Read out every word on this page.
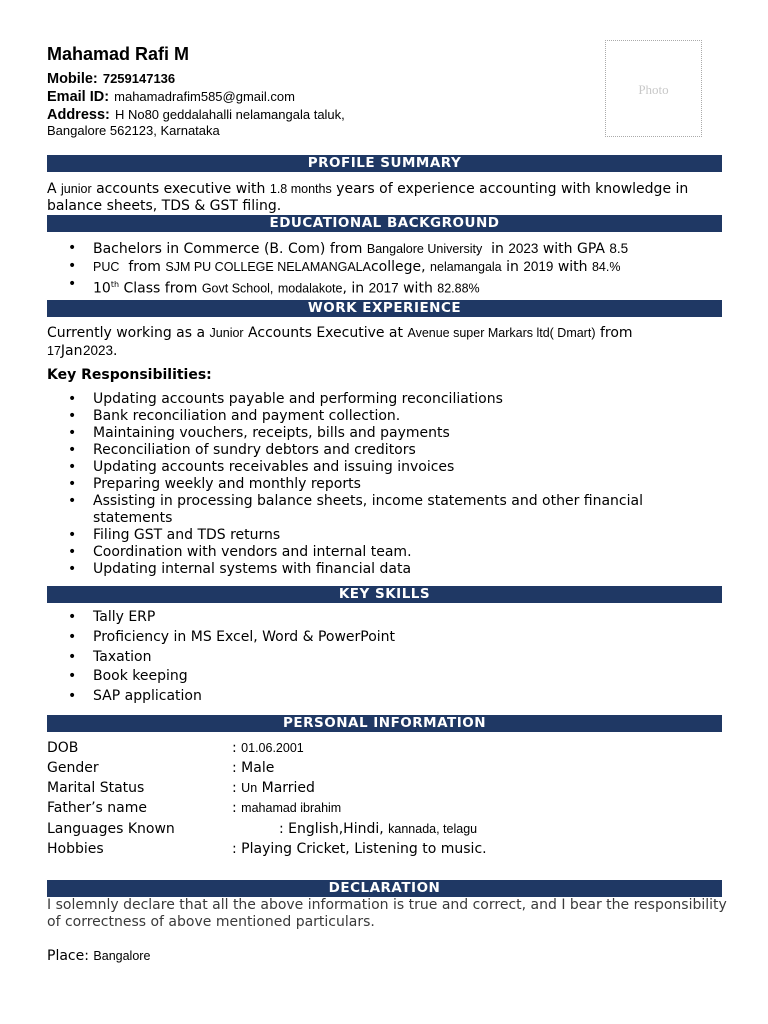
Mahamad Rafi M
Mobile: 7259147136
Email ID: mahamadrafim585@gmail.com
Address: H No80 geddalahalli nelamangala taluk,
Bangalore 562123, Karnataka
Photo
PROFILE SUMMARY
A junior accounts executive with 1.8 months years of experience accounting with knowledge in balance sheets, TDS & GST filing.
EDUCATIONAL BACKGROUND
• Bachelors in Commerce (B. Com) from Bangalore University in 2023 with GPA 8.5
• PUC from SJM PU COLLEGE NELAMANGALAcollege, nelamangala in 2019 with 84.%
• 10th Class from Govt School, modalakote, in 2017 with 82.88%
WORK EXPERIENCE
Currently working as a Junior Accounts Executive at Avenue super Markars ltd( Dmart) from
17Jan 2023.
Key Responsibilities:
• Updating accounts payable and performing reconciliations
• Bank reconciliation and payment collection.
• Maintaining vouchers, receipts, bills and payments
• Reconciliation of sundry debtors and creditors
• Updating accounts receivables and issuing invoices
• Preparing weekly and monthly reports
• Assisting in processing balance sheets, income statements and other financial statements
• Filing GST and TDS returns
• Coordination with vendors and internal team.
• Updating internal systems with financial data
KEY SKILLS
• Tally ERP
• Proficiency in MS Excel, Word & PowerPoint
• Taxation
• Book keeping
• SAP application
PERSONAL INFORMATION
DOB	: 01.06.2001
Gender	: Male
Marital Status	: Un Married
Father’s name	: mahamad ibrahim
Languages Known	: English,Hindi, kannada, telagu
Hobbies	: Playing Cricket, Listening to music.
DECLARATION
I solemnly declare that all the above information is true and correct, and I bear the responsibility of correctness of above mentioned particulars.
Place: Bangalore
